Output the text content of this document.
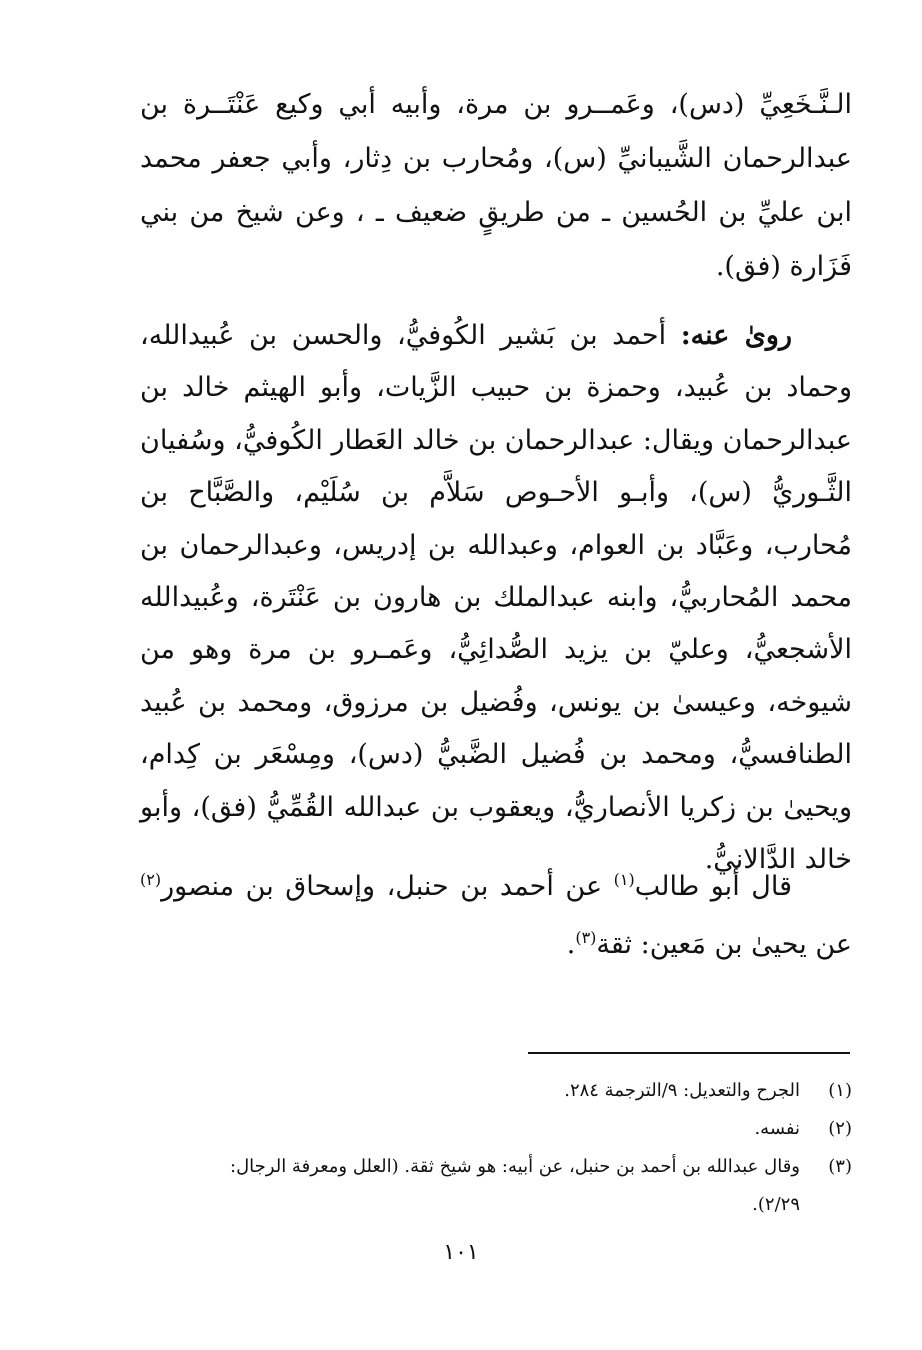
الـنَّـخَعِيِّ (دس)، وعَمــرو بن مرة، وأبيه أبي وكيع عَنْتَــرة بن
عبدالرحمان الشَّيبانيِّ (س)، ومُحارب بن دِثار، وأبي جعفر محمد
ابن عليِّ بن الحُسين ـ من طريقٍ ضعيف ـ ، وعن شيخ من بني
فَزَارة (فق).
روىٰ عنه: أحمد بن بَشير الكُوفيُّ، والحسن بن عُبيدالله،
وحماد بن عُبيد، وحمزة بن حبيب الزَّيات، وأبو الهيثم خالد بن
عبدالرحمان ويقال: عبدالرحمان بن خالد العَطار الكُوفيُّ، وسُفيان
الثَّـوريُّ (س)، وأبـو الأحـوص سَلاَّم بن سُلَيْم، والصَّبَّاح بن
مُحارب، وعَبَّاد بن العوام، وعبدالله بن إدريس، وعبدالرحمان بن
محمد المُحاربيُّ، وابنه عبدالملك بن هارون بن عَنْتَرة، وعُبيدالله
الأشجعيُّ، وعليّ بن يزيد الصُّدائِيُّ، وعَمـرو بن مرة وهو من
شيوخه، وعيسىٰ بن يونس، وفُضيل بن مرزوق، ومحمد بن عُبيد
الطنافسيُّ، ومحمد بن فُضيل الضَّبيُّ (دس)، ومِسْعَر بن كِدام،
ويحيىٰ بن زكريا الأنصاريُّ، ويعقوب بن عبدالله القُمِّيُّ (فق)، وأبو
خالد الدَّالانيُّ.
قال أبو طالب$^{(١)}$ عن أحمد بن حنبل، وإسحاق بن منصور$^{(٢)}$
عن يحيىٰ بن مَعين: ثقة$^{(٣)}$.
(١)الجرح والتعديل: ٩/الترجمة ٢٨٤.
(٢)نفسه.
(٣)وقال عبدالله بن أحمد بن حنبل، عن أبيه: هو شيخ ثقة. (العلل ومعرفة الرجال:
٢/٢٩).
١٠١
